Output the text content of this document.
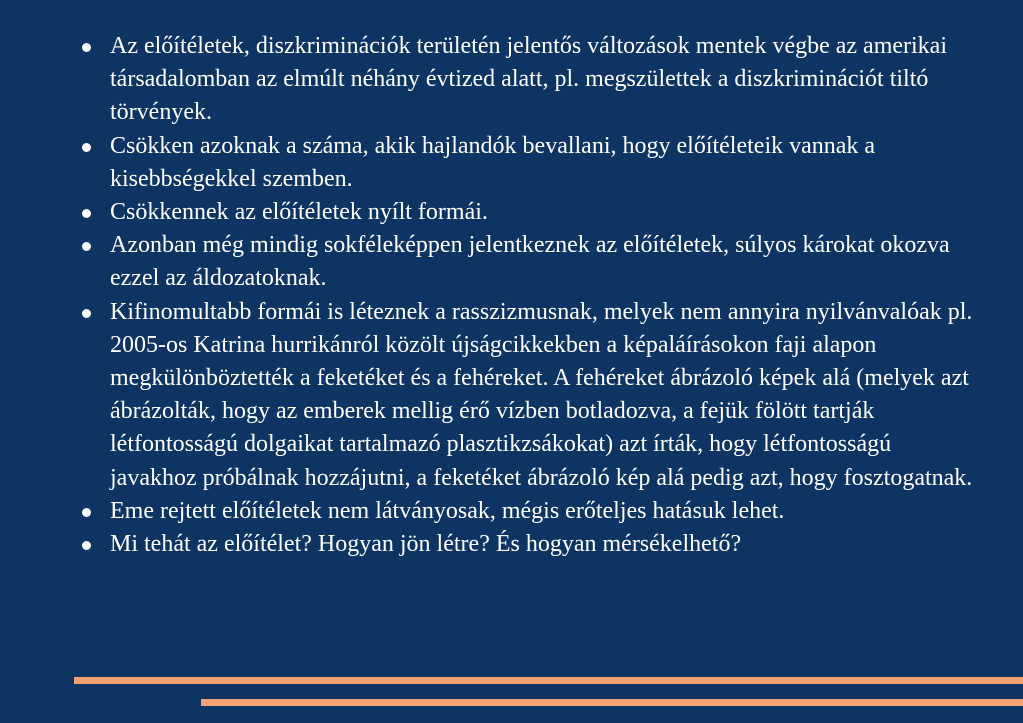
Az előítéletek, diszkriminációk területén jelentős változások mentek végbe az amerikai társadalomban az elmúlt néhány évtized alatt, pl. megszülettek a diszkriminációt tiltó törvények.
Csökken azoknak a száma, akik hajlandók bevallani, hogy előítéleteik vannak a kisebbségekkel szemben.
Csökkennek az előítéletek nyílt formái.
Azonban még mindig sokféleképpen jelentkeznek az előítéletek, súlyos károkat okozva ezzel az áldozatoknak.
Kifinomultabb formái is léteznek a rasszizmusnak, melyek nem annyira nyilvánvalóak pl. 2005-os Katrina hurrikánról közölt újságcikkekben a képaláírásokon faji alapon megkülönböztették a feketéket és a fehéreket. A fehéreket ábrázoló képek alá (melyek azt ábrázolták, hogy az emberek mellig érő vízben botladozva, a fejük fölött tartják létfontosságú dolgaikat tartalmazó plasztikzsákokat) azt írták, hogy létfontosságú javakhoz próbálnak hozzájutni, a feketéket ábrázoló kép alá pedig azt, hogy fosztogatnak.
Eme rejtett előítéletek nem látványosak, mégis erőteljes hatásuk lehet.
Mi tehát az előítélet? Hogyan jön létre? És hogyan mérsékelhető?
